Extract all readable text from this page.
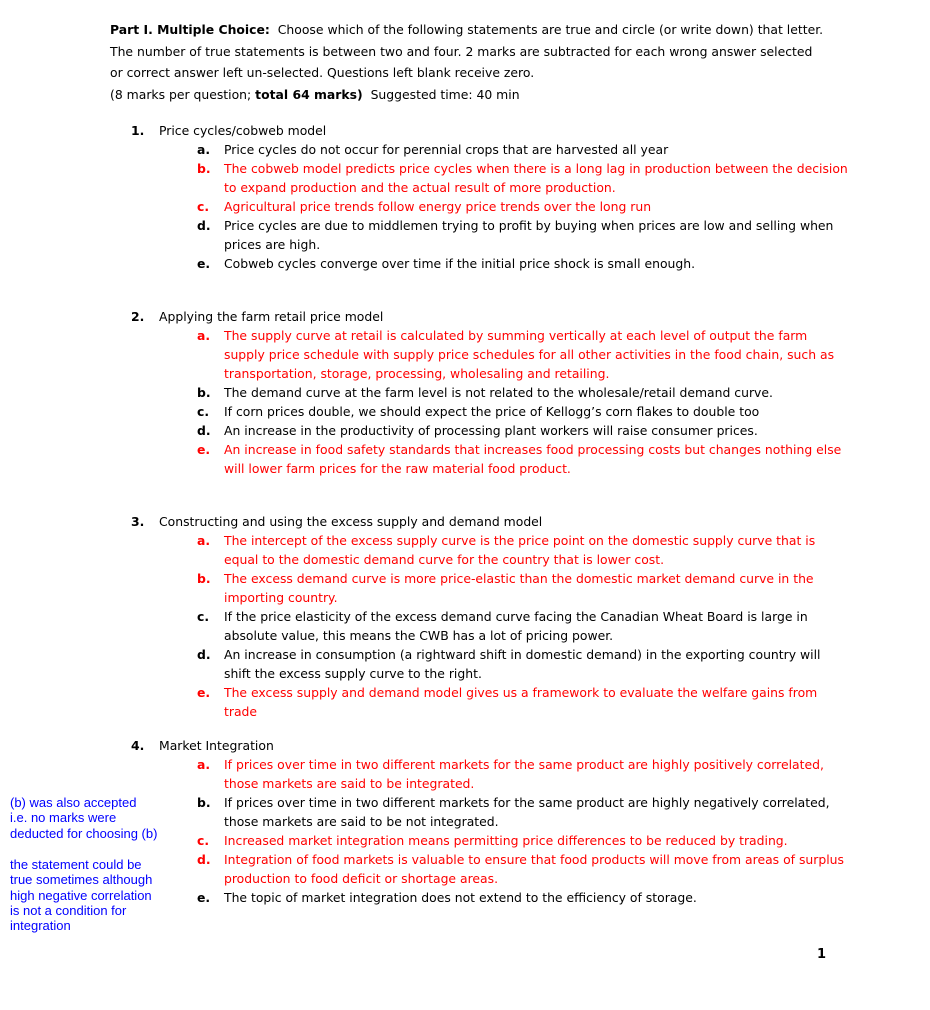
Part I. Multiple Choice: Choose which of the following statements are true and circle (or write down) that letter.

The number of true statements is between two and four. 2 marks are subtracted for each wrong answer selected

or correct answer left un-selected. Questions left blank receive zero.

(8 marks per question; total 64 marks) Suggested time: 40 min

1. Price cycles/cobweb model
a.	Price cycles do not occur for perennial crops that are harvested all year
b.	The cobweb model predicts price cycles when there is a long lag in production between the decision to expand production and the actual result of more production.
c.	Agricultural price trends follow energy price trends over the long run
d.	Price cycles are due to middlemen trying to profit by buying when prices are low and selling when prices are high.
e.	Cobweb cycles converge over time if the initial price shock is small enough.
2. Applying the farm retail price model
a.	The supply curve at retail is calculated by summing vertically at each level of output the farm supply price schedule with supply price schedules for all other activities in the food chain, such as transportation, storage, processing, wholesaling and retailing.
b.	The demand curve at the farm level is not related to the wholesale/retail demand curve.
c.	If corn prices double, we should expect the price of Kellogg’s corn flakes to double too
d.	An increase in the productivity of processing plant workers will raise consumer prices.
e.	An increase in food safety standards that increases food processing costs but changes nothing else will lower farm prices for the raw material food product.
3. Constructing and using the excess supply and demand model
a.	The intercept of the excess supply curve is the price point on the domestic supply curve that is equal to the domestic demand curve for the country that is lower cost.
b.	The excess demand curve is more price-elastic than the domestic market demand curve in the importing country.
c.	If the price elasticity of the excess demand curve facing the Canadian Wheat Board is large in absolute value, this means the CWB has a lot of pricing power.
d.	An increase in consumption (a rightward shift in domestic demand) in the exporting country will shift the excess supply curve to the right.
e.	The excess supply and demand model gives us a framework to evaluate the welfare gains from trade
4. Market Integration
a.	If prices over time in two different markets for the same product are highly positively correlated, those markets are said to be integrated.
b.	If prices over time in two different markets for the same product are highly negatively correlated, those markets are said to be not integrated.
c.	Increased market integration means permitting price differences to be reduced by trading.
d.	Integration of food markets is valuable to ensure that food products will move from areas of surplus production to food deficit or shortage areas.
e.	The topic of market integration does not extend to the efficiency of storage.
(b) was also accepted
i.e. no marks were
deducted for choosing (b)
the statement could be
true sometimes although
high negative correlation
is not a condition for
integration
1
